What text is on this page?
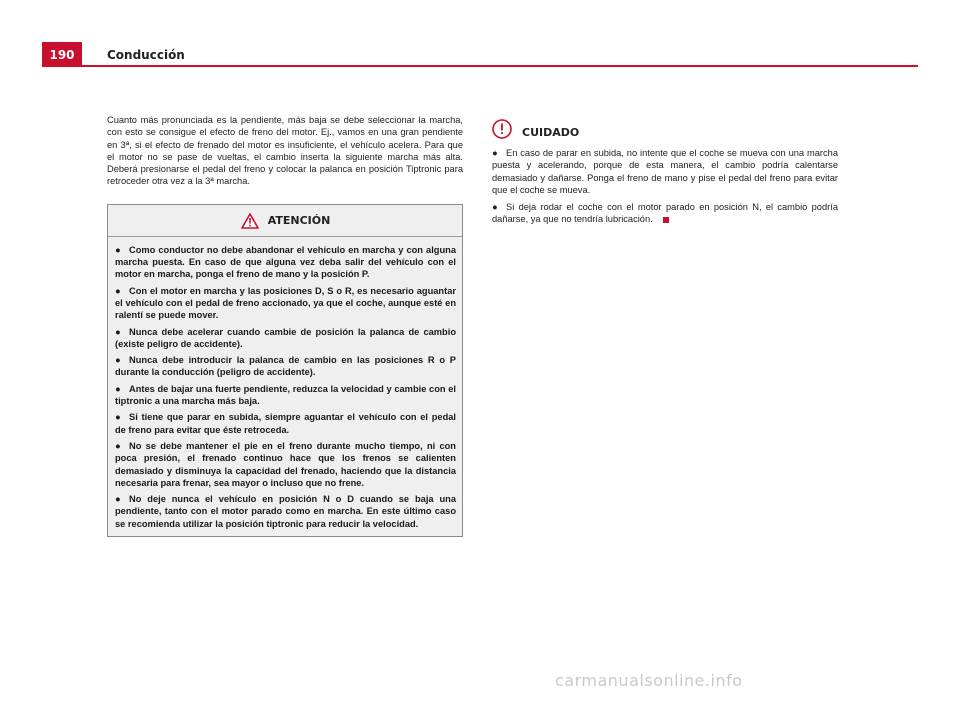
190	Conducción

Cuanto más pronunciada es la pendiente, más baja se debe seleccionar la marcha, con esto se consigue el efecto de freno del motor. Ej., vamos en una gran pendiente en 3ª, si el efecto de frenado del motor es insuficiente, el vehículo acelera. Para que el motor no se pase de vueltas, el cambio inserta la siguiente marcha más alta. Deberá presionarse el pedal del freno y colocar la palanca en posición Tiptronic para retroceder otra vez a la 3ª marcha.

ATENCIÓN

● Como conductor no debe abandonar el vehículo en marcha y con alguna marcha puesta. En caso de que alguna vez deba salir del vehículo con el motor en marcha, ponga el freno de mano y la posición P.

● Con el motor en marcha y las posiciones D, S o R, es necesario aguantar el vehículo con el pedal de freno accionado, ya que el coche, aunque esté en ralentí se puede mover.

● Nunca debe acelerar cuando cambie de posición la palanca de cambio (existe peligro de accidente).

● Nunca debe introducir la palanca de cambio en las posiciones R o P durante la conducción (peligro de accidente).

● Antes de bajar una fuerte pendiente, reduzca la velocidad y cambie con el tiptronic a una marcha más baja.

● Si tiene que parar en subida, siempre aguantar el vehículo con el pedal de freno para evitar que éste retroceda.

● No se debe mantener el pie en el freno durante mucho tiempo, ni con poca presión, el frenado continuo hace que los frenos se calienten demasiado y disminuya la capacidad del frenado, haciendo que la distancia necesaria para frenar, sea mayor o incluso que no frene.

● No deje nunca el vehículo en posición N o D cuando se baja una pendiente, tanto con el motor parado como en marcha. En este último caso se recomienda utilizar la posición tiptronic para reducir la velocidad.

CUIDADO

● En caso de parar en subida, no intente que el coche se mueva con una marcha puesta y acelerando, porque de esta manera, el cambio podría calentarse demasiado y dañarse. Ponga el freno de mano y pise el pedal del freno para evitar que el coche se mueva.

● Si deja rodar el coche con el motor parado en posición N, el cambio podría dañarse, ya que no tendría lubricación.

carmanualsonline.info
